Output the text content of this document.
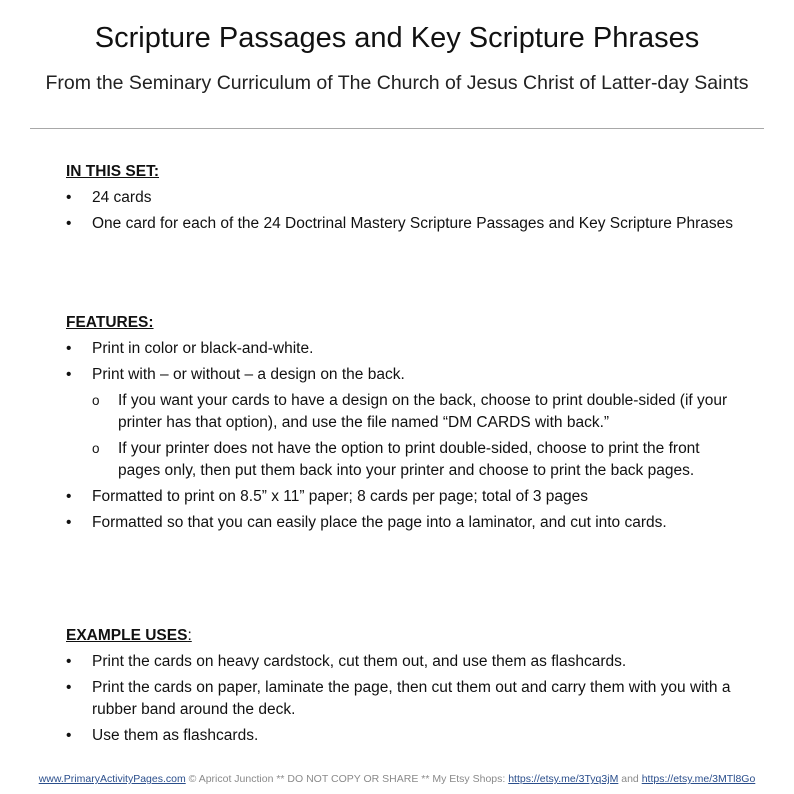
Scripture Passages and Key Scripture Phrases
From the Seminary Curriculum of The Church of Jesus Christ of Latter-day Saints
IN THIS SET:
• 24 cards
• One card for each of the 24 Doctrinal Mastery Scripture Passages and Key Scripture Phrases
FEATURES:
• Print in color or black-and-white.
• Print with – or without – a design on the back.
o If you want your cards to have a design on the back, choose to print double-sided (if your printer has that option), and use the file named “DM CARDS with back.”
o If your printer does not have the option to print double-sided, choose to print the front pages only, then put them back into your printer and choose to print the back pages.
• Formatted to print on 8.5” x 11” paper; 8 cards per page; total of 3 pages
• Formatted so that you can easily place the page into a laminator, and cut into cards.
EXAMPLE USES:
• Print the cards on heavy cardstock, cut them out, and use them as flashcards.
• Print the cards on paper, laminate the page, then cut them out and carry them with you with a rubber band around the deck.
• Use them as flashcards.
www.PrimaryActivityPages.com © Apricot Junction ** DO NOT COPY OR SHARE ** My Etsy Shops: https://etsy.me/3Tyq3jM and https://etsy.me/3MTl8Go
